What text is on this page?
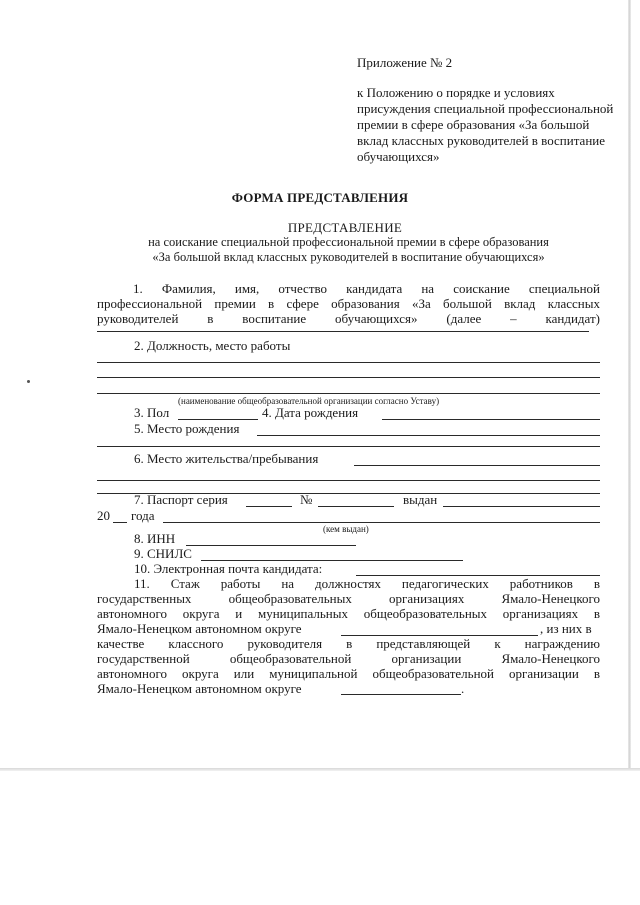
Приложение № 2
к Положению о порядке и условиях присуждения специальной профессиональной премии в сфере образования «За большой вклад классных руководителей в воспитание обучающихся»
ФОРМА ПРЕДСТАВЛЕНИЯ
ПРЕДСТАВЛЕНИЕ
на соискание специальной профессиональной премии в сфере образования
«За большой вклад классных руководителей в воспитание обучающихся»
1. Фамилия, имя, отчество кандидата на соискание специальной
профессиональной премии в сфере образования «За большой вклад классных
руководителей в воспитание обучающихся» (далее – кандидат)
2. Должность, место работы
(наименование общеобразовательной организации согласно Уставу)
3. Пол	4. Дата рождения
5. Место рождения
6. Место жительства/пребывания
7. Паспорт серия	№	выдан
20 года
(кем выдан)
8. ИНН
9. СНИЛС
10. Электронная почта кандидата:
11. Стаж работы на должностях педагогических работников в
государственных общеобразовательных организациях Ямало-Ненецкого
автономного округа и муниципальных общеобразовательных организациях в
Ямало-Ненецком автономном округе	, из них в
качестве классного руководителя в представляющей к награждению
государственной общеобразовательной организации Ямало-Ненецкого
автономного округа или муниципальной общеобразовательной организации в
Ямало-Ненецком автономном округе	.
